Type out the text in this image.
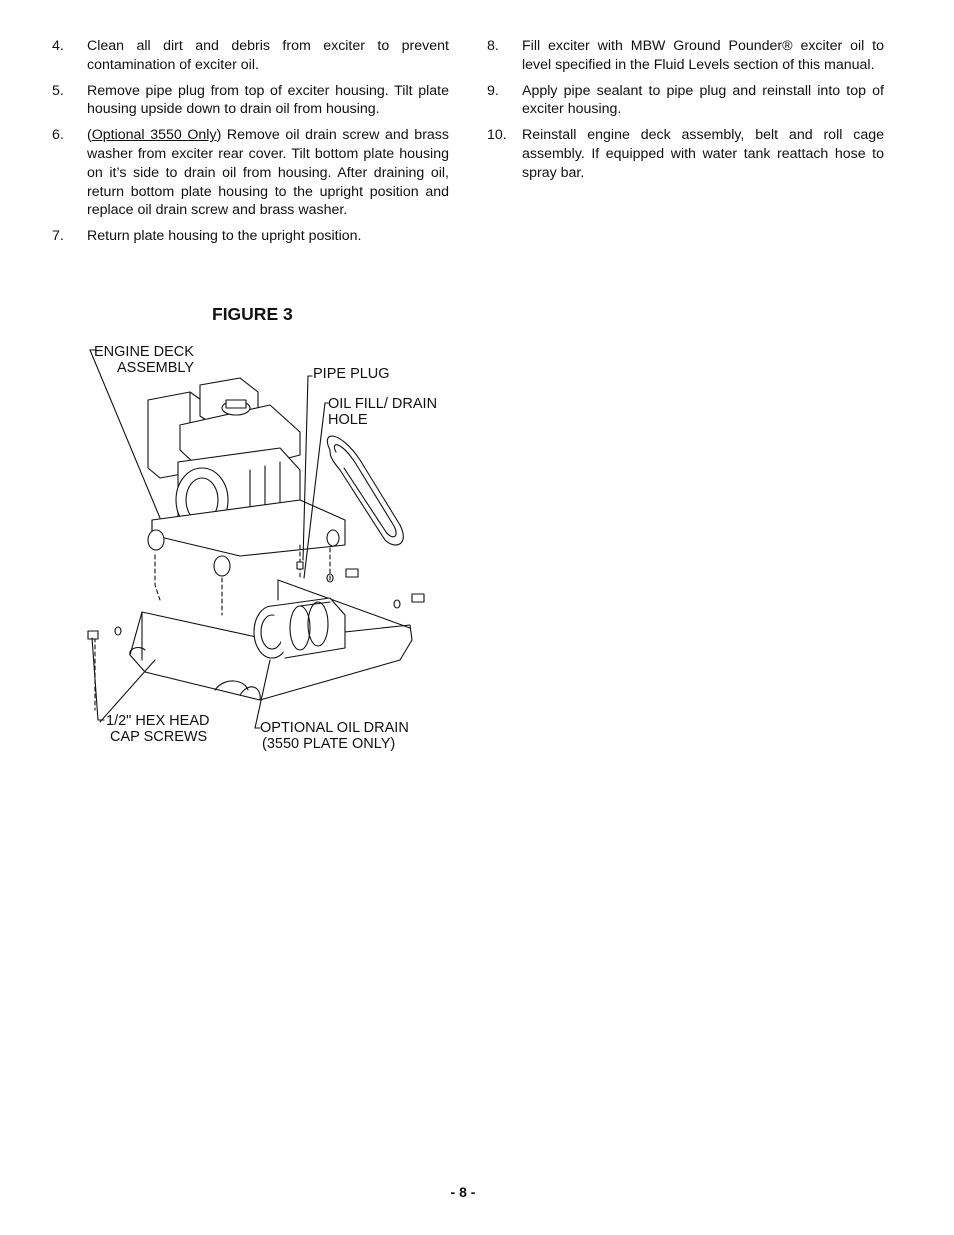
4.	Clean all dirt and debris from exciter to prevent contamination of exciter oil.
5.	Remove pipe plug from top of exciter housing. Tilt plate housing upside down to drain oil from housing.
6.	(Optional 3550 Only) Remove oil drain screw and brass washer from exciter rear cover. Tilt bottom plate housing on it’s side to drain oil from housing. After draining oil, return bottom plate housing to the upright position and replace oil drain screw and brass washer.
7.	Return plate housing to the upright position.
8.	Fill exciter with MBW Ground Pounder® exciter oil to level specified in the Fluid Levels section of this manual.
9.	Apply pipe sealant to pipe plug and reinstall into top of exciter housing.
10.	Reinstall engine deck assembly, belt and roll cage assembly. If equipped with water tank reattach hose to spray bar.
FIGURE 3
ENGINE DECK
ASSEMBLY	PIPE PLUG
OIL FILL/ DRAIN
HOLE
1/2" HEX HEAD
CAP SCREWS
OPTIONAL OIL DRAIN
(3550 PLATE ONLY)
- 8 -
